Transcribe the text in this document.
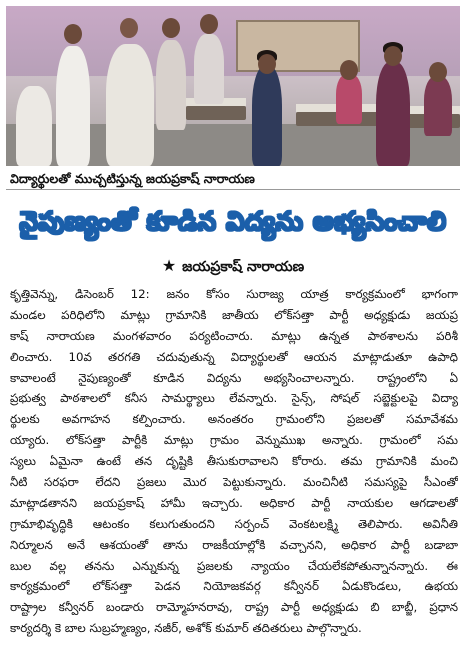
విద్యార్థులతో ముచ్చటిస్తున్న జయప్రకాష్ నారాయణ
నైపుణ్యంతో కూడిన విద్యను అభ్యసించాలి
★ జయప్రకాష్ నారాయణ
కృత్తివెన్ను, డిసెంబర్ 12: జనం కోసం సురాజ్య యాత్ర కార్యక్రమంలో భాగంగా
మండల పరిధిలోని మాట్లు గ్రామానికి జాతీయ లోక్‌సత్తా పార్టీ అధ్యక్షుడు జయప్ర
కాష్ నారాయణ మంగళవారం పర్యటించారు. మాట్లు ఉన్నత పాఠశాలను పరిశీ
లించారు. 10వ తరగతి చదువుతున్న విద్యార్థులతో ఆయన మాట్లాడుతూ ఉపాధి
కావాలంటే నైపుణ్యంతో కూడిన విద్యను అభ్యసించాలన్నారు. రాష్ట్రంలోని ఏ
ప్రభుత్వ పాఠశాలలో కనీస సామర్థ్యాలు లేవన్నారు. సైన్స్, సోషల్ సబ్జెక్టులపై విద్యా
ర్థులకు అవగాహన కల్పించారు. అనంతరం గ్రామంలోని ప్రజలతో సమావేశమ
య్యారు. లోక్‌సత్తా పార్టీకి మాట్లు గ్రామం వెన్నుముఖ అన్నారు. గ్రామంలో సమ
స్యలు ఏమైనా ఉంటే తన దృష్టికి తీసుకురావాలని కోరారు. తమ గ్రామానికి మంచి
నీటి సరఫరా లేదని ప్రజలు మొర పెట్టుకున్నారు. మంచినీటి సమస్యపై సీఎంతో
మాట్లాడతానని జయప్రకాష్ హామీ ఇచ్చారు. అధికార పార్టీ నాయకుల ఆగడాలతో
గ్రామాభివృద్ధికి ఆటంకం కలుగుతుందని సర్పంచ్ వెంకటలక్ష్మి తెలిపారు. అవినీతి
నిర్మూలన అనే ఆశయంతో తాను రాజకీయాల్లోకి వచ్చానని, అధికార పార్టీ బడాబా
బుల వల్ల తనను ఎన్నుకున్న ప్రజలకు న్యాయం చేయలేకపోతున్నానన్నారు. ఈ
కార్యక్రమంలో లోక్‌సత్తా పెడన నియోజకవర్గ కన్వీనర్ ఏడుకొండలు, ఉభయ
రాష్ట్రాల కన్వీనర్ బండారు రామ్మోహనరావు, రాష్ట్ర పార్టీ అధ్యక్షుడు బి బాబ్జీ, ప్రధాన
కార్యదర్శి కె బాల సుబ్రహ్మణ్యం, నజీర్, అశోక్ కుమార్ తదితరులు పాల్గొన్నారు.
